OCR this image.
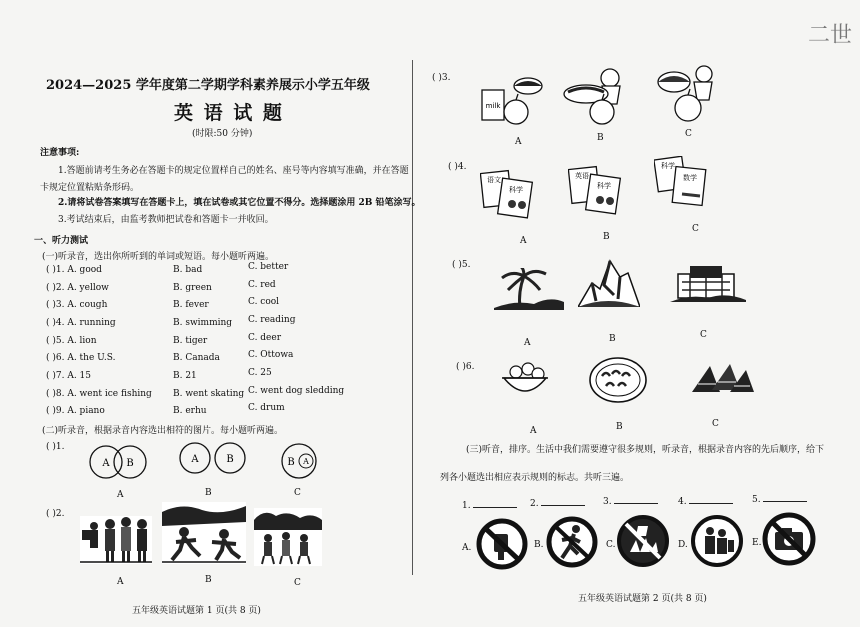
二世
2024—2025 学年度第二学期学科素养展示小学五年级
英 语 试 题
(时限:50 分钟)
注意事项:
1.答题前请考生务必在答题卡的规定位置样自己的姓名、座号等内容填写准确，并在答题
卡规定位置粘贴条形码。
2.请将试卷答案填写在答题卡上，填在试卷或其它位置不得分。选择题涂用 2B 铅笔涂写。
3.考试结束后，由监考教师把试卷和答题卡一并收回。
一、听力测试
(一)听录音，选出你所听到的单词或短语。每小题听两遍。
( )1. A. good	B. bad	C. better
( )2. A. yellow	B. green	C. red
( )3. A. cough	B. fever	C. cool
( )4. A. running	B. swimming C. reading
( )5. A. lion	B. tiger	C. deer
( )6. A. the U.S.	B. Canada	C. Ottowa
( )7. A. 15	B. 21	C. 25
( )8. A. went ice fishing B. went skating C. went dog sledding
( )9. A. piano	B. erhu	C. drum
(二)听录音，根据录音内容选出相符的图片。每小题听两遍。
( )1.
A B	A	B	B A
A	B	C
( )2.
A	B	C
五年级英语试题第 1 页(共 8 页)
( )3.
milk
A	B	C
( )4.
语文
科学
英语
科学
科学
数学
A	B
C
( )5.
A	B	C
( )6.
A	B	C
(三)听音，排序。生活中我们需要遵守很多规则，听录音，根据录音内容的先后顺序，给下
列各小题选出相应表示规则的标志。共听三遍。
1.	2.	3.	4.	5.
A.	B.	C.	D.	E.
五年级英语试题第 2 页(共 8 页)
